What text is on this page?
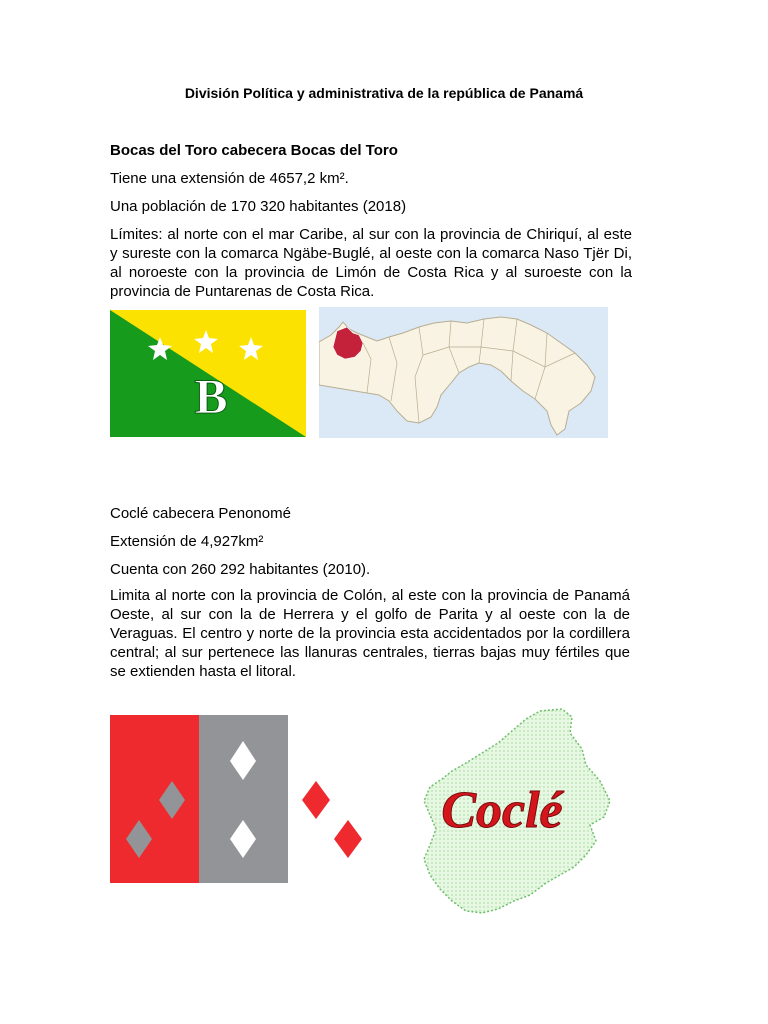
División Política y administrativa de la república de Panamá

Bocas del Toro cabecera Bocas del Toro

Tiene una extensión de 4657,2 km².

Una población de 170 320 habitantes (2018)

Límites: al norte con el mar Caribe, al sur con la provincia de Chiriquí, al este y sureste con la comarca Ngäbe-Buglé, al oeste con la comarca Naso Tjër Di, al noroeste con la provincia de Limón de Costa Rica y al suroeste con la provincia de Puntarenas de Costa Rica.

B

Coclé cabecera Penonomé

Extensión de 4,927km²

Cuenta con 260 292 habitantes (2010).

Limita al norte con la provincia de Colón, al este con la provincia de Panamá Oeste, al sur con la de Herrera y el golfo de Parita y al oeste con la de Veraguas. El centro y norte de la provincia esta accidentados por la cordillera central; al sur pertenece las llanuras centrales, tierras bajas muy fértiles que se extienden hasta el litoral.

Coclé
